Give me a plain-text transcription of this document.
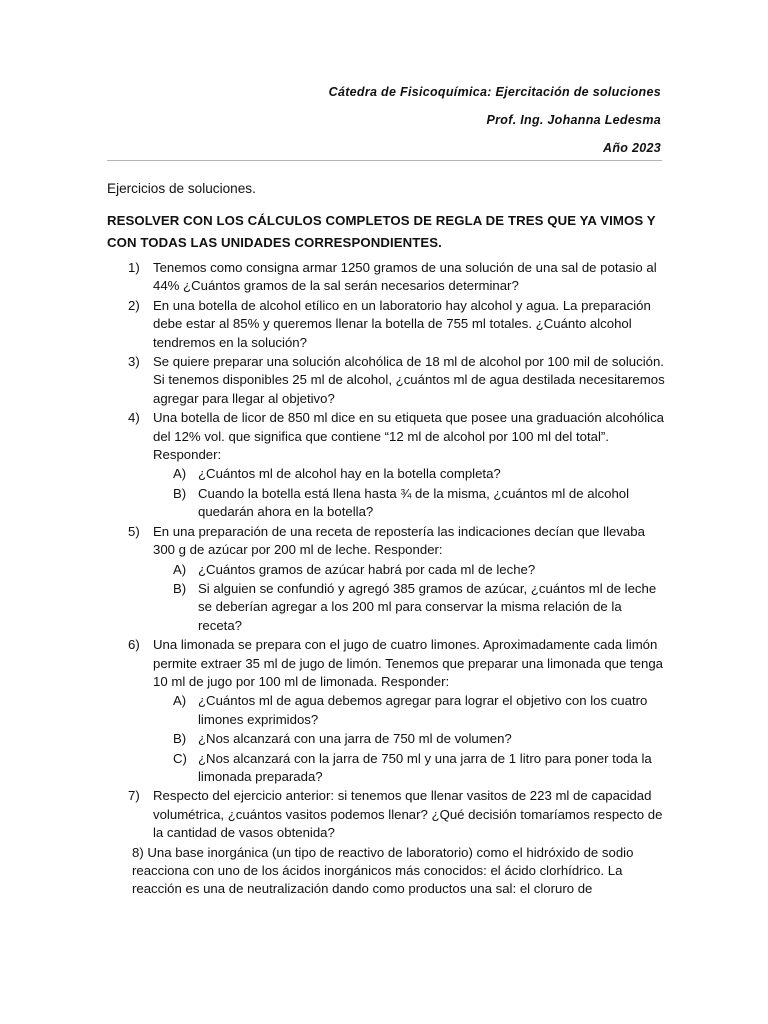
Cátedra de Fisicoquímica: Ejercitación de soluciones
Prof. Ing. Johanna Ledesma
Año 2023
Ejercicios de soluciones.
RESOLVER CON LOS CÁLCULOS COMPLETOS DE REGLA DE TRES QUE YA VIMOS Y CON TODAS LAS UNIDADES CORRESPONDIENTES.
1) Tenemos como consigna armar 1250 gramos de una solución de una sal de potasio al 44% ¿Cuántos gramos de la sal serán necesarios determinar?
2) En una botella de alcohol etílico en un laboratorio hay alcohol y agua. La preparación debe estar al 85% y queremos llenar la botella de 755 ml totales. ¿Cuánto alcohol tendremos en la solución?
3) Se quiere preparar una solución alcohólica de 18 ml de alcohol por 100 mil de solución. Si tenemos disponibles 25 ml de alcohol, ¿cuántos ml de agua destilada necesitaremos agregar para llegar al objetivo?
4) Una botella de licor de 850 ml dice en su etiqueta que posee una graduación alcohólica del 12% vol. que significa que contiene “12 ml de alcohol por 100 ml del total”. Responder:
A) ¿Cuántos ml de alcohol hay en la botella completa?
B) Cuando la botella está llena hasta ¾ de la misma, ¿cuántos ml de alcohol quedarán ahora en la botella?
5) En una preparación de una receta de repostería las indicaciones decían que llevaba 300 g de azúcar por 200 ml de leche. Responder:
A) ¿Cuántos gramos de azúcar habrá por cada ml de leche?
B) Si alguien se confundió y agregó 385 gramos de azúcar, ¿cuántos ml de leche se deberían agregar a los 200 ml para conservar la misma relación de la receta?
6) Una limonada se prepara con el jugo de cuatro limones. Aproximadamente cada limón permite extraer 35 ml de jugo de limón. Tenemos que preparar una limonada que tenga 10 ml de jugo por 100 ml de limonada. Responder:
A) ¿Cuántos ml de agua debemos agregar para lograr el objetivo con los cuatro limones exprimidos?
B) ¿Nos alcanzará con una jarra de 750 ml de volumen?
C) ¿Nos alcanzará con la jarra de 750 ml y una jarra de 1 litro para poner toda la limonada preparada?
7) Respecto del ejercicio anterior: si tenemos que llenar vasitos de 223 ml de capacidad volumétrica, ¿cuántos vasitos podemos llenar? ¿Qué decisión tomaríamos respecto de la cantidad de vasos obtenida?
8) Una base inorgánica (un tipo de reactivo de laboratorio) como el hidróxido de sodio reacciona con uno de los ácidos inorgánicos más conocidos: el ácido clorhídrico. La reacción es una de neutralización dando como productos una sal: el cloruro de
